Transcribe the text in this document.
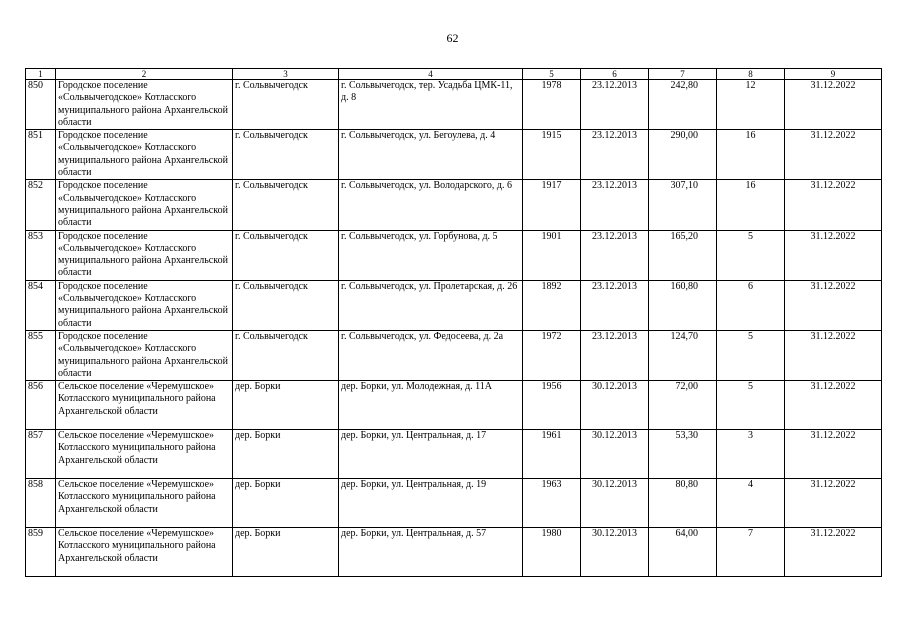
62
1	2	3	4	5	6	7	8	9
850	Городское поселение «Сольвычегодское» Котласского муниципального района Архангельской области	г. Сольвычегодск	г. Сольвычегодск, тер. Усадьба ЦМК-11, д. 8	1978	23.12.2013	242,80	12	31.12.2022
851	Городское поселение «Сольвычегодское» Котласского муниципального района Архангельской области	г. Сольвычегодск	г. Сольвычегодск, ул. Бегоулева, д. 4	1915	23.12.2013	290,00	16	31.12.2022
852	Городское поселение «Сольвычегодское» Котласского муниципального района Архангельской области	г. Сольвычегодск	г. Сольвычегодск, ул. Володарского, д. 6	1917	23.12.2013	307,10	16	31.12.2022
853	Городское поселение «Сольвычегодское» Котласского муниципального района Архангельской области	г. Сольвычегодск	г. Сольвычегодск, ул. Горбунова, д. 5	1901	23.12.2013	165,20	5	31.12.2022
854	Городское поселение «Сольвычегодское» Котласского муниципального района Архангельской области	г. Сольвычегодск	г. Сольвычегодск, ул. Пролетарская, д. 26	1892	23.12.2013	160,80	6	31.12.2022
855	Городское поселение «Сольвычегодское» Котласского муниципального района Архангельской области	г. Сольвычегодск	г. Сольвычегодск, ул. Федосеева, д. 2а	1972	23.12.2013	124,70	5	31.12.2022
856	Сельское поселение «Черемушское» Котласского муниципального района Архангельской области	дер. Борки	дер. Борки, ул. Молодежная, д. 11А	1956	30.12.2013	72,00	5	31.12.2022
857	Сельское поселение «Черемушское» Котласского муниципального района Архангельской области	дер. Борки	дер. Борки, ул. Центральная, д. 17	1961	30.12.2013	53,30	3	31.12.2022
858	Сельское поселение «Черемушское» Котласского муниципального района Архангельской области	дер. Борки	дер. Борки, ул. Центральная, д. 19	1963	30.12.2013	80,80	4	31.12.2022
859	Сельское поселение «Черемушское» Котласского муниципального района Архангельской области	дер. Борки	дер. Борки, ул. Центральная, д. 57	1980	30.12.2013	64,00	7	31.12.2022
